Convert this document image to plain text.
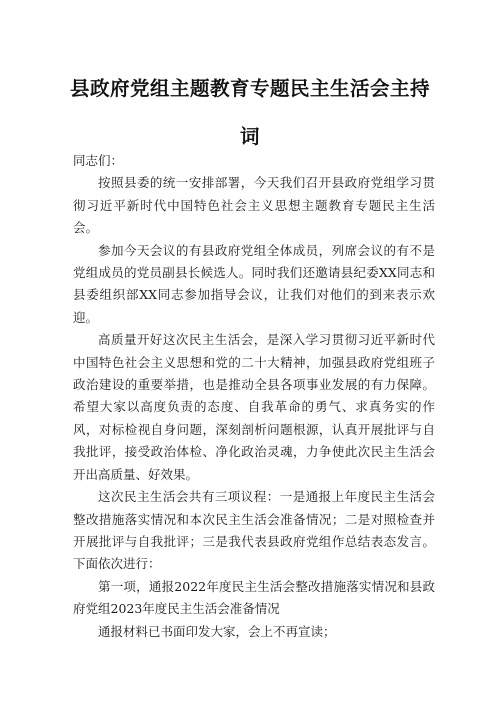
县政府党组主题教育专题民主生活会主持
词

同志们：

按照县委的统一安排部署，今天我们召开县政府党组学习贯彻习近平新时代中国特色社会主义思想主题教育专题民主生活会。

参加今天会议的有县政府党组全体成员，列席会议的有不是党组成员的党员副县长候选人。同时我们还邀请县纪委XX同志和县委组织部XX同志参加指导会议，让我们对他们的到来表示欢迎。

高质量开好这次民主生活会，是深入学习贯彻习近平新时代中国特色社会主义思想和党的二十大精神，加强县政府党组班子政治建设的重要举措，也是推动全县各项事业发展的有力保障。希望大家以高度负责的态度、自我革命的勇气、求真务实的作风，对标检视自身问题，深刻剖析问题根源，认真开展批评与自我批评，接受政治体检、净化政治灵魂，力争使此次民主生活会开出高质量、好效果。

这次民主生活会共有三项议程：一是通报上年度民主生活会整改措施落实情况和本次民主生活会准备情况；二是对照检查并开展批评与自我批评；三是我代表县政府党组作总结表态发言。下面依次进行：

第一项，通报2022年度民主生活会整改措施落实情况和县政府党组2023年度民主生活会准备情况

通报材料已书面印发大家，会上不再宣读；
